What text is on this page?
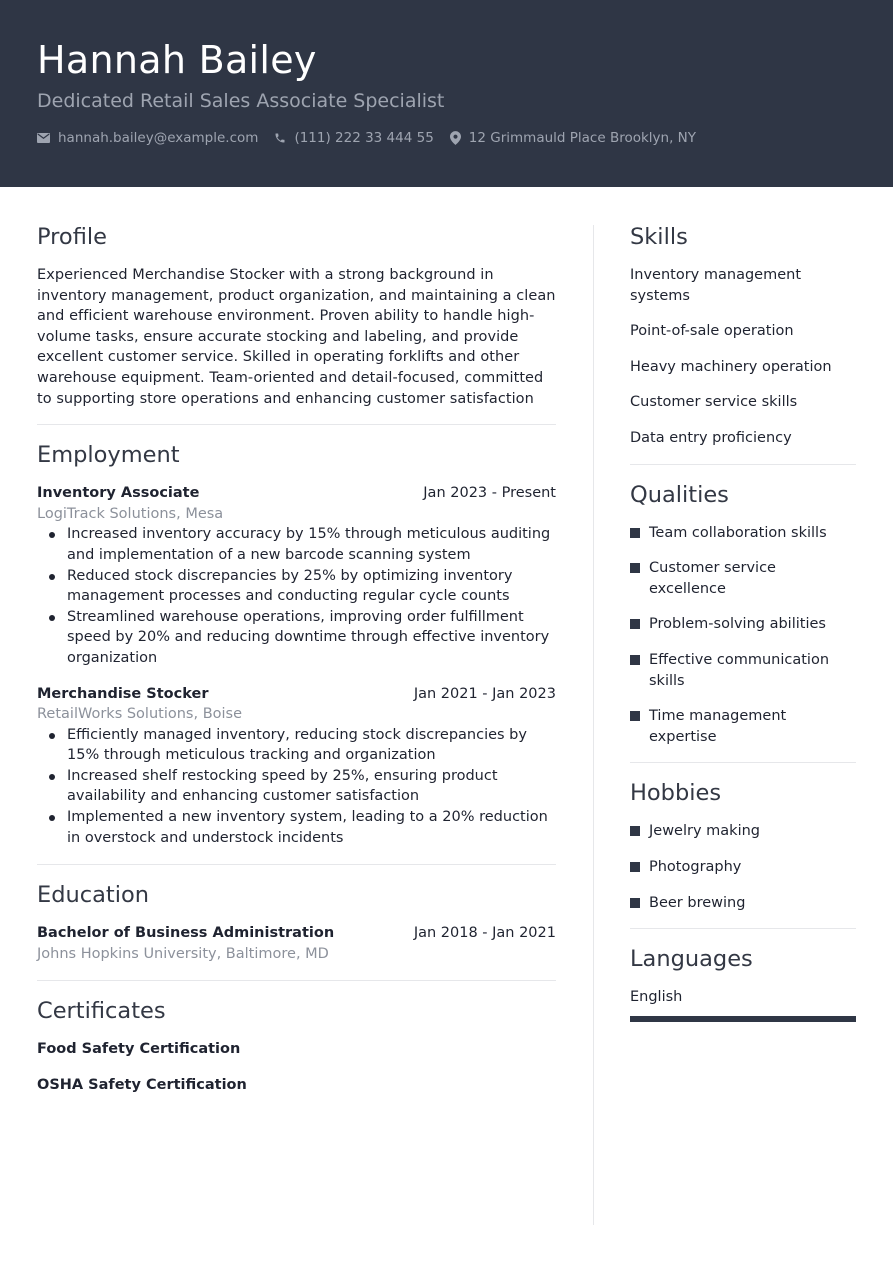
Hannah Bailey
Dedicated Retail Sales Associate Specialist
hannah.bailey@example.com	(111) 222 33 444 55	12 Grimmauld Place Brooklyn, NY
Profile
Experienced Merchandise Stocker with a strong background in inventory management, product organization, and maintaining a clean and efficient warehouse environment. Proven ability to handle high-volume tasks, ensure accurate stocking and labeling, and provide excellent customer service. Skilled in operating forklifts and other warehouse equipment. Team-oriented and detail-focused, committed to supporting store operations and enhancing customer satisfaction
Employment
Inventory Associate	Jan 2023 - Present
LogiTrack Solutions, Mesa
Increased inventory accuracy by 15% through meticulous auditing and implementation of a new barcode scanning system
Reduced stock discrepancies by 25% by optimizing inventory management processes and conducting regular cycle counts
Streamlined warehouse operations, improving order fulfillment speed by 20% and reducing downtime through effective inventory organization
Merchandise Stocker	Jan 2021 - Jan 2023
RetailWorks Solutions, Boise
Efficiently managed inventory, reducing stock discrepancies by 15% through meticulous tracking and organization
Increased shelf restocking speed by 25%, ensuring product availability and enhancing customer satisfaction
Implemented a new inventory system, leading to a 20% reduction in overstock and understock incidents
Education
Bachelor of Business Administration	Jan 2018 - Jan 2021
Johns Hopkins University, Baltimore, MD
Certificates
Food Safety Certification
OSHA Safety Certification
Skills
Inventory management systems
Point-of-sale operation
Heavy machinery operation
Customer service skills
Data entry proficiency
Qualities
Team collaboration skills
Customer service excellence
Problem-solving abilities
Effective communication skills
Time management expertise
Hobbies
Jewelry making
Photography
Beer brewing
Languages
English
